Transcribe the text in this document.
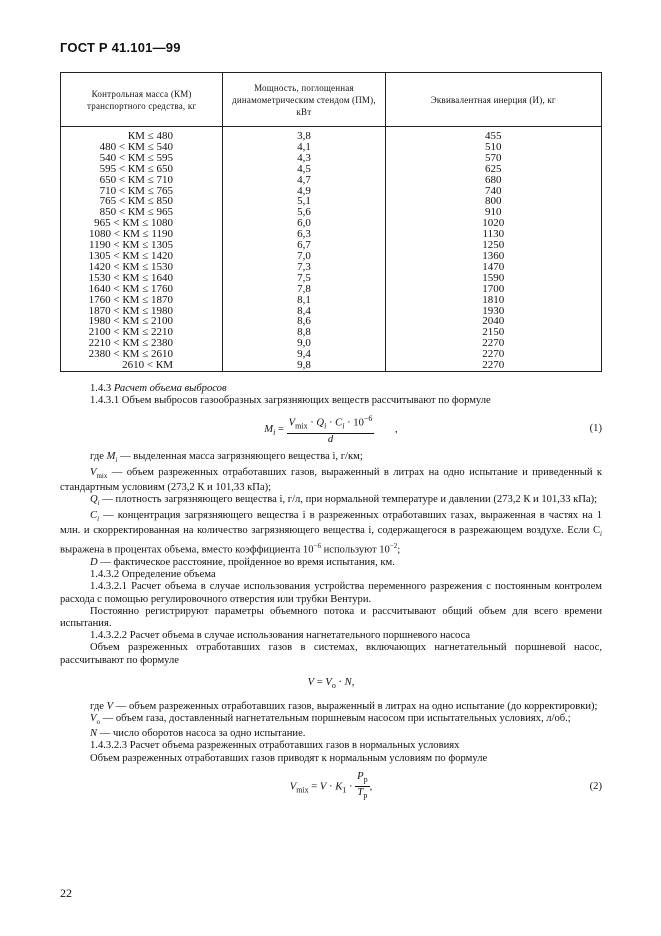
ГОСТ Р 41.101—99
Контрольная масса (КМ) транспортного средства, кг	Мощность, поглощенная динамометрическим стендом (ПМ), кВт	Эквивалентная инерция (И), кг

КМ ≤ 480	3,8	455
480 < КМ ≤ 540	4,1	510
540 < КМ ≤ 595	4,3	570
595 < КМ ≤ 650	4,5	625
650 < КМ ≤ 710	4,7	680
710 < КМ ≤ 765	4,9	740
765 < КМ ≤ 850	5,1	800
850 < КМ ≤ 965	5,6	910
965 < КМ ≤ 1080	6,0	1020
1080 < КМ ≤ 1190	6,3	1130
1190 < КМ ≤ 1305	6,7	1250
1305 < КМ ≤ 1420	7,0	1360
1420 < КМ ≤ 1530	7,3	1470
1530 < КМ ≤ 1640	7,5	1590
1640 < КМ ≤ 1760	7,8	1700
1760 < КМ ≤ 1870	8,1	1810
1870 < КМ ≤ 1980	8,4	1930
1980 < КМ ≤ 2100	8,6	2040
2100 < КМ ≤ 2210	8,8	2150
2210 < КМ ≤ 2380	9,0	2270
2380 < КМ ≤ 2610	9,4	2270
2610 < КМ	9,8	2270

1.4.3 Расчет объема выбросов

1.4.3.1 Объем выбросов газообразных загрязняющих веществ рассчитывают по формуле

$M_i = \frac{V_{mix} \cdot Q_i \cdot C_i \cdot 10^{-6}}{d}$ ,	(1)

где $M_i$ — выделенная масса загрязняющего вещества i, г/км;

$V_{mix}$ — объем разреженных отработавших газов, выраженный в литрах на одно испытание и приведенный к стандартным условиям (273,2 К и 101,33 кПа);

$Q_i$ — плотность загрязняющего вещества i, г/л, при нормальной температуре и давлении (273,2 К и 101,33 кПа);

$C_i$ — концентрация загрязняющего вещества i в разреженных отработавших газах, выраженная в частях на 1 млн. и скорректированная на количество загрязняющего вещества i, содержащегося в разрежающем воздухе. Если $C_i$ выражена в процентах объема, вместо коэффициента $10^{-6}$ используют $10^{-2}$;

D — фактическое расстояние, пройденное во время испытания, км.

1.4.3.2 Определение объема

1.4.3.2.1 Расчет объема в случае использования устройства переменного разрежения с постоянным контролем расхода с помощью регулировочного отверстия или трубки Вентури.

Постоянно регистрируют параметры объемного потока и рассчитывают общий объем для всего времени испытания.

1.4.3.2.2 Расчет объема в случае использования нагнетательного поршневого насоса

Объем разреженных отработавших газов в системах, включающих нагнетательный поршневой насос, рассчитывают по формуле

$V = V_o \cdot N$,

где V — объем разреженных отработавших газов, выраженный в литрах на одно испытание (до корректировки);

$V_o$ — объем газа, доставленный нагнетательным поршневым насосом при испытательных условиях, л/об.;

N — число оборотов насоса за одно испытание.

1.4.3.2.3 Расчет объема разреженных отработавших газов в нормальных условиях

Объем разреженных отработавших газов приводят к нормальным условиям по формуле

$V_{mix} = V \cdot K_1 \cdot \frac{P_p}{T_p}$ ,	(2)
22
